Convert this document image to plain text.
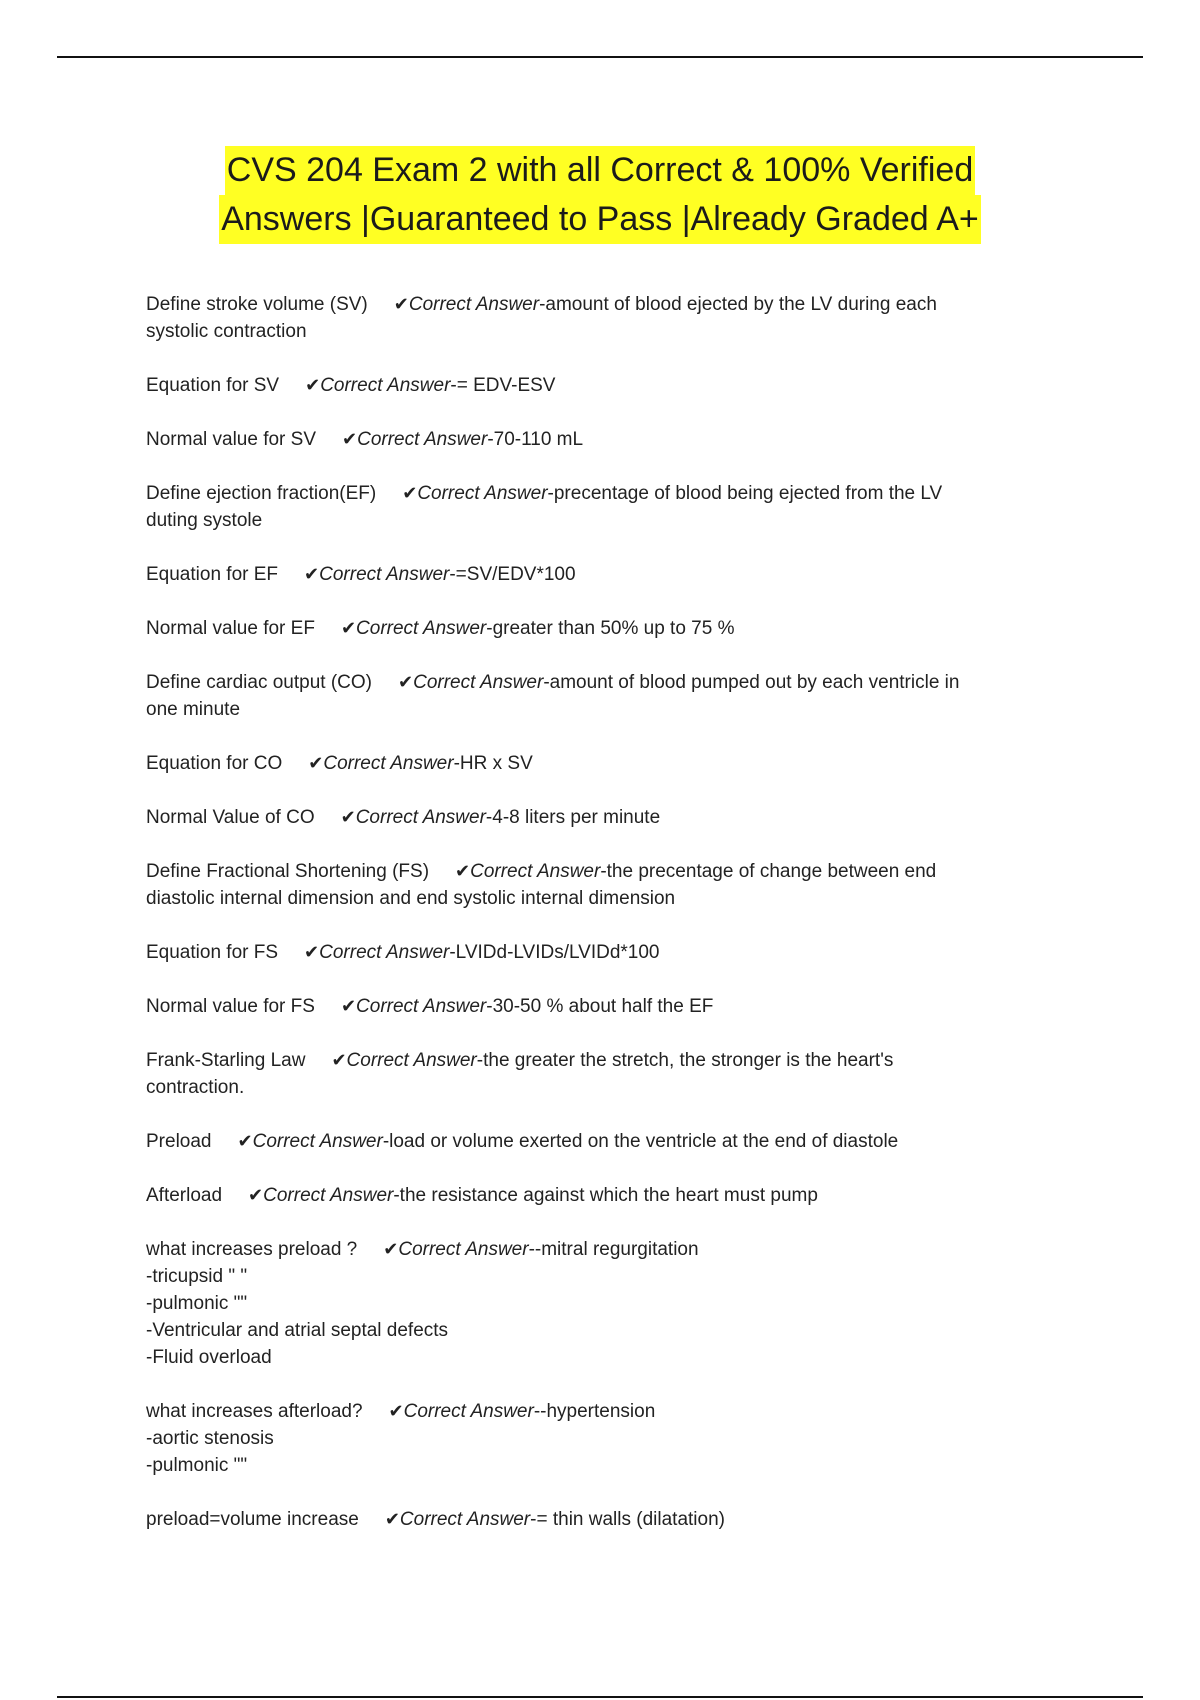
CVS 204 Exam 2 with all Correct & 100% Verified
Answers |Guaranteed to Pass |Already Graded A+
Define stroke volume (SV) ✔Correct Answer-amount of blood ejected by the LV during each
systolic contraction
Equation for SV ✔Correct Answer-= EDV-ESV
Normal value for SV ✔Correct Answer-70-110 mL
Define ejection fraction(EF) ✔Correct Answer-precentage of blood being ejected from the LV
duting systole
Equation for EF ✔Correct Answer-=SV/EDV*100
Normal value for EF ✔Correct Answer-greater than 50% up to 75 %
Define cardiac output (CO) ✔Correct Answer-amount of blood pumped out by each ventricle in
one minute
Equation for CO ✔Correct Answer-HR x SV
Normal Value of CO ✔Correct Answer-4-8 liters per minute
Define Fractional Shortening (FS) ✔Correct Answer-the precentage of change between end
diastolic internal dimension and end systolic internal dimension
Equation for FS ✔Correct Answer-LVIDd-LVIDs/LVIDd*100
Normal value for FS ✔Correct Answer-30-50 % about half the EF
Frank-Starling Law ✔Correct Answer-the greater the stretch, the stronger is the heart's
contraction.
Preload ✔Correct Answer-load or volume exerted on the ventricle at the end of diastole
Afterload ✔Correct Answer-the resistance against which the heart must pump
what increases preload ? ✔Correct Answer--mitral regurgitation
-tricupsid " "
-pulmonic ""
-Ventricular and atrial septal defects
-Fluid overload
what increases afterload? ✔Correct Answer--hypertension
-aortic stenosis
-pulmonic ""
preload=volume increase ✔Correct Answer-= thin walls (dilatation)
